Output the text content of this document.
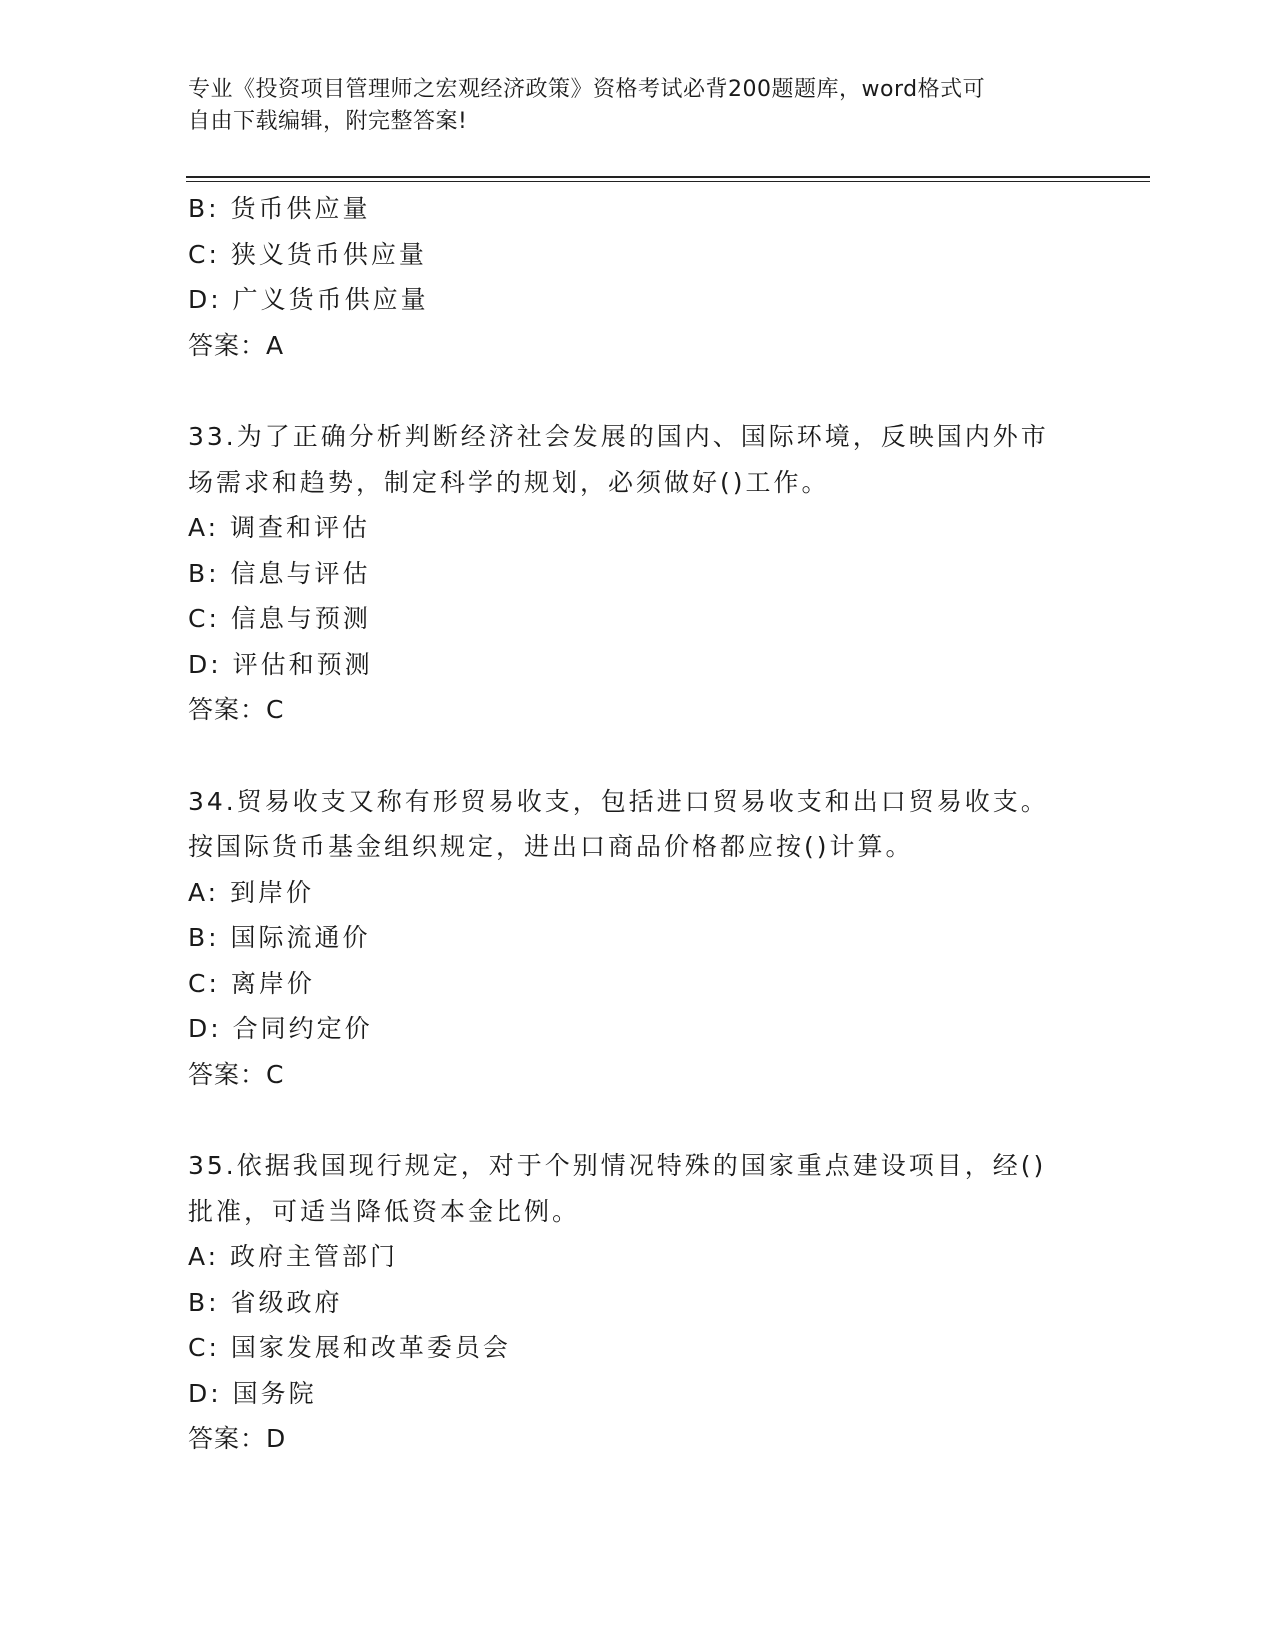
专业《投资项目管理师之宏观经济政策》资格考试必背200题题库，word格式可
自由下载编辑，附完整答案!
B: 货币供应量
C: 狭义货币供应量
D: 广义货币供应量
答案：A
33.为了正确分析判断经济社会发展的国内、国际环境，反映国内外市
场需求和趋势，制定科学的规划，必须做好()工作。
A: 调查和评估
B: 信息与评估
C: 信息与预测
D: 评估和预测
答案：C
34.贸易收支又称有形贸易收支，包括进口贸易收支和出口贸易收支。
按国际货币基金组织规定，进出口商品价格都应按()计算。
A: 到岸价
B: 国际流通价
C: 离岸价
D: 合同约定价
答案：C
35.依据我国现行规定，对于个别情况特殊的国家重点建设项目，经()
批准，可适当降低资本金比例。
A: 政府主管部门
B: 省级政府
C: 国家发展和改革委员会
D: 国务院
答案：D
